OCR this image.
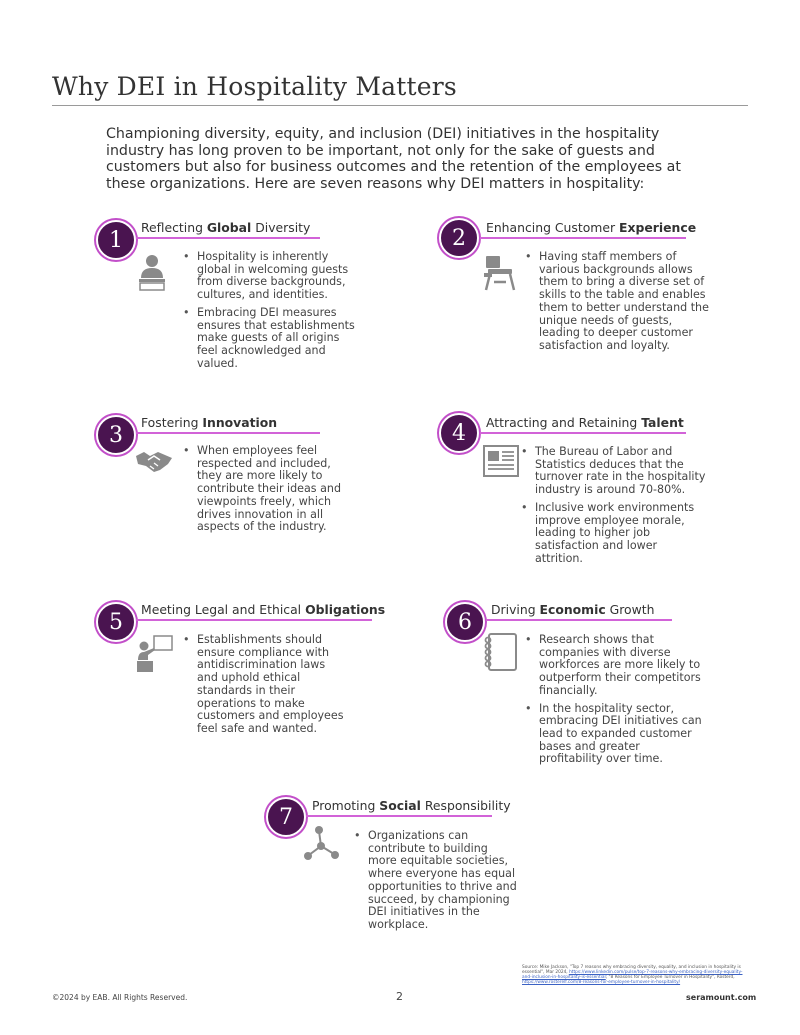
Why DEI in Hospitality Matters
Championing diversity, equity, and inclusion (DEI) initiatives in the hospitality industry has long proven to be important, not only for the sake of guests and customers but also for business outcomes and the retention of the employees at these organizations. Here are seven reasons why DEI matters in hospitality:
1	Reflecting Global Diversity
• Hospitality is inherently global in welcoming guests from diverse backgrounds, cultures, and identities.
• Embracing DEI measures ensures that establishments make guests of all origins feel acknowledged and valued.
2	Enhancing Customer Experience
• Having staff members of various backgrounds allows them to bring a diverse set of skills to the table and enables them to better understand the unique needs of guests, leading to deeper customer satisfaction and loyalty.
3	Fostering Innovation
• When employees feel respected and included, they are more likely to contribute their ideas and viewpoints freely, which drives innovation in all aspects of the industry.
4	Attracting and Retaining Talent
• The Bureau of Labor and Statistics deduces that the turnover rate in the hospitality industry is around 70-80%.
• Inclusive work environments improve employee morale, leading to higher job satisfaction and lower attrition.
5	Meeting Legal and Ethical Obligations
• Establishments should ensure compliance with antidiscrimination laws and uphold ethical standards in their operations to make customers and employees feel safe and wanted.
6	Driving Economic Growth
• Research shows that companies with diverse workforces are more likely to outperform their competitors financially.
• In the hospitality sector, embracing DEI initiatives can lead to expanded customer bases and greater profitability over time.
7	Promoting Social Responsibility
• Organizations can contribute to building more equitable societies, where everyone has equal opportunities to thrive and succeed, by championing DEI initiatives in the workplace.
Source: Mike Jackson, "Top 7 reasons why embracing diversity, equality, and inclusion in hospitality is essential", Mar 2024, https://www.linkedin.com/pulse/top-7-reasons-why-embracing-diversity-equality-and-inclusion-in-hospitality-is-essential; "8 Reasons for Employee Turnover in Hospitality", Rosterd, https://www.rosterelf.com/8-reasons-for-employee-turnover-in-hospitality/
©2024 by EAB. All Rights Reserved.	2	seramount.com
